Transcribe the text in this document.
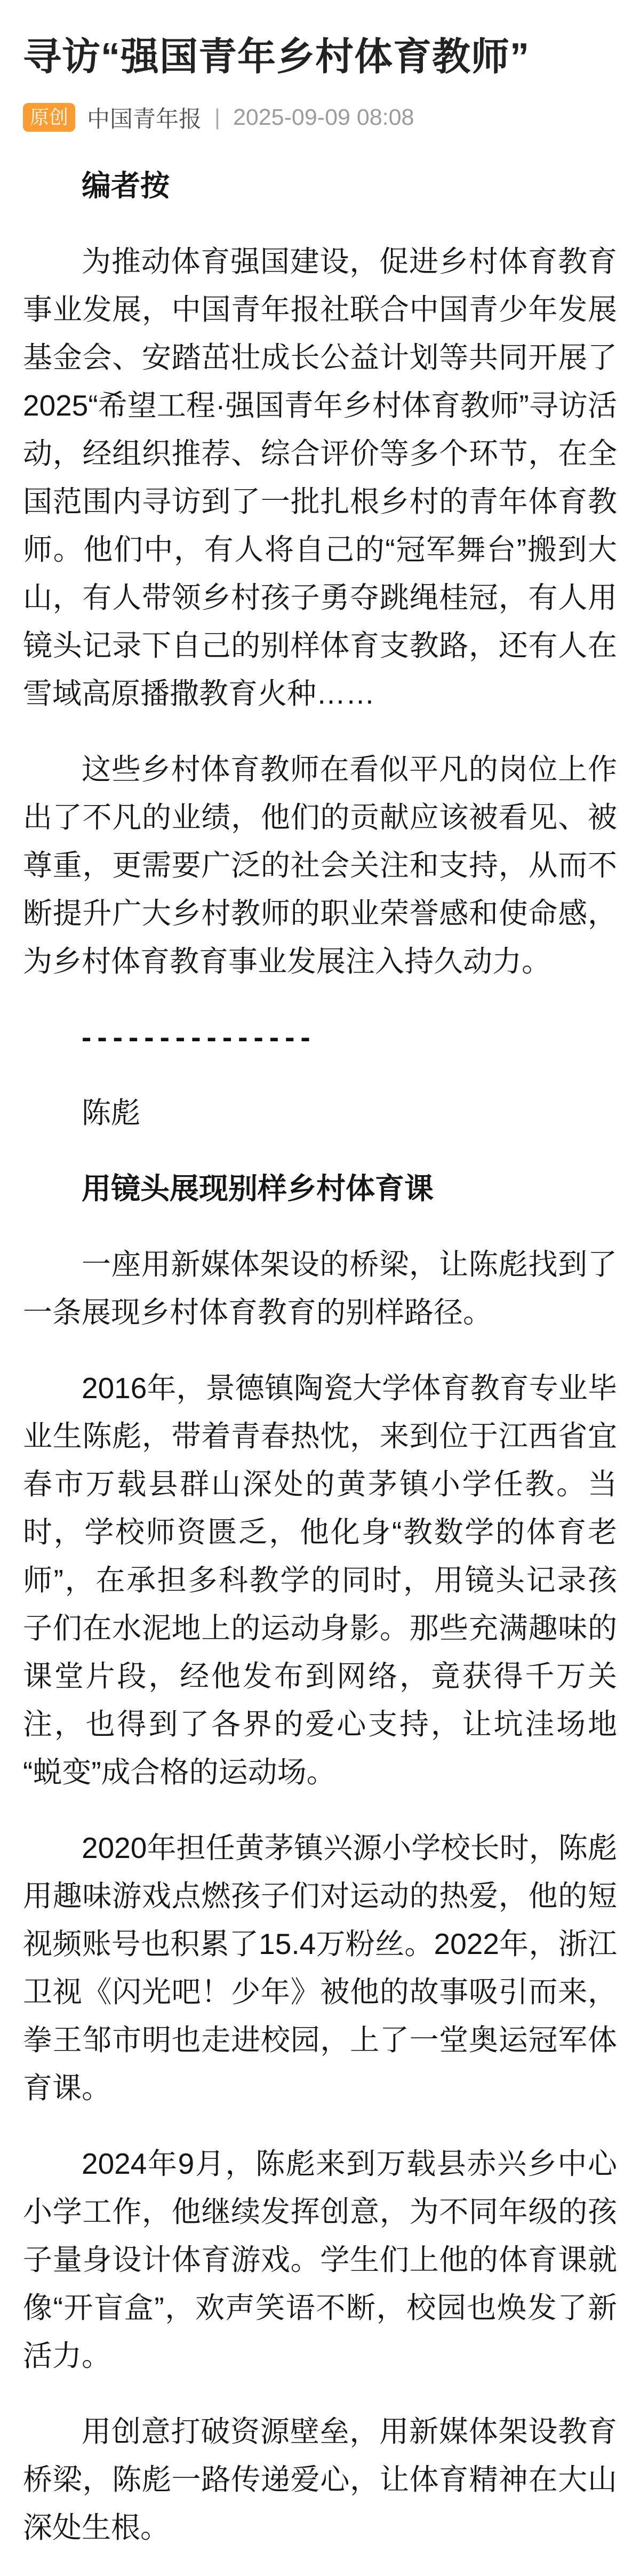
寻访“强国青年乡村体育教师”
原创 中国青年报 | 2025-09-09 08:08

编者按

为推动体育强国建设，促进乡村体育教育事业发展，中国青年报社联合中国青少年发展基金会、安踏茁壮成长公益计划等共同开展了2025“希望工程·强国青年乡村体育教师”寻访活动，经组织推荐、综合评价等多个环节，在全国范围内寻访到了一批扎根乡村的青年体育教师。他们中，有人将自己的“冠军舞台”搬到大山，有人带领乡村孩子勇夺跳绳桂冠，有人用镜头记录下自己的别样体育支教路，还有人在雪域高原播撒教育火种……

这些乡村体育教师在看似平凡的岗位上作出了不凡的业绩，他们的贡献应该被看见、被尊重，更需要广泛的社会关注和支持，从而不断提升广大乡村教师的职业荣誉感和使命感，为乡村体育教育事业发展注入持久动力。

---------------

陈彪

用镜头展现别样乡村体育课

一座用新媒体架设的桥梁，让陈彪找到了一条展现乡村体育教育的别样路径。

2016年，景德镇陶瓷大学体育教育专业毕业生陈彪，带着青春热忱，来到位于江西省宜春市万载县群山深处的黄茅镇小学任教。当时，学校师资匮乏，他化身“教数学的体育老师”，在承担多科教学的同时，用镜头记录孩子们在水泥地上的运动身影。那些充满趣味的课堂片段，经他发布到网络，竟获得千万关注，也得到了各界的爱心支持，让坑洼场地“蜕变”成合格的运动场。

2020年担任黄茅镇兴源小学校长时，陈彪用趣味游戏点燃孩子们对运动的热爱，他的短视频账号也积累了15.4万粉丝。2022年，浙江卫视《闪光吧！少年》被他的故事吸引而来，拳王邹市明也走进校园，上了一堂奥运冠军体育课。

2024年9月，陈彪来到万载县赤兴乡中心小学工作，他继续发挥创意，为不同年级的孩子量身设计体育游戏。学生们上他的体育课就像“开盲盒”，欢声笑语不断，校园也焕发了新活力。

用创意打破资源壁垒，用新媒体架设教育桥梁，陈彪一路传递爱心，让体育精神在大山深处生根。
